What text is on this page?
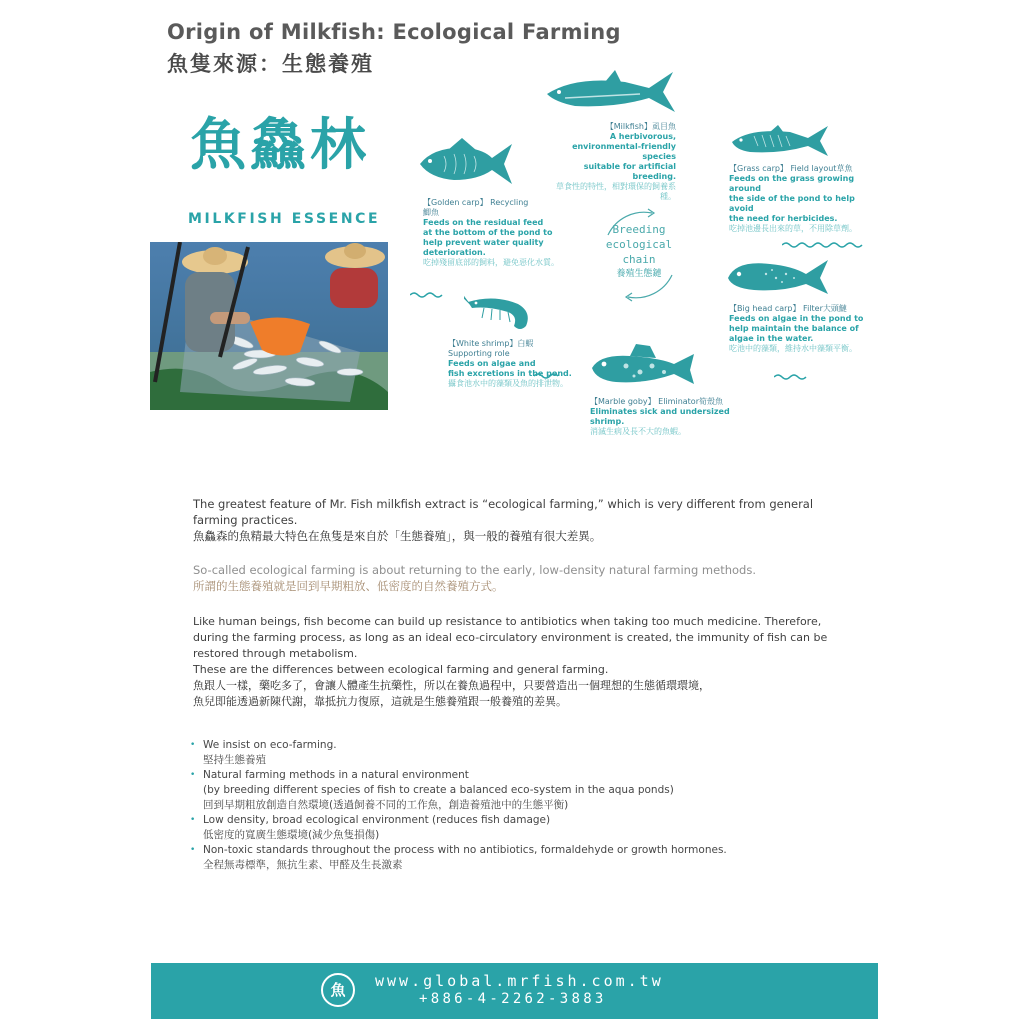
Origin of Milkfish: Ecological Farming
魚隻來源：生態養殖
魚鱻林
MILKFISH ESSENCE
Breeding
ecological
chain
養殖生態鏈
【Milkfish】虱目魚
A herbivorous,
environmental-friendly species
suitable for artificial breeding.
草食性的特性，相對環保的飼養系種。
【Grass carp】 Field layout草魚
Feeds on the grass growing around
the side of the pond to help avoid
the need for herbicides.
吃掉池邊長出來的草，不用除草劑。
【Golden carp】 Recycling
鯽魚
Feeds on the residual feed
at the bottom of the pond to
help prevent water quality
deterioration.
吃掉殘留底部的飼料，避免惡化水質。
【Big head carp】 Filter大頭鰱
Feeds on algae in the pond to
help maintain the balance of
algae in the water.
吃池中的藻類，維持水中藻類平衡。
【White shrimp】白蝦
Supporting role
Feeds on algae and
fish excretions in the pond.
攝食池水中的藻類及魚的排泄物。
【Marble goby】 Eliminator筍殼魚
Eliminates sick and undersized
shrimp.
消滅生病及長不大的魚蝦。
The greatest feature of Mr. Fish milkfish extract is “ecological farming,” which is very different from general farming practices.
魚鱻森的魚精最大特色在魚隻是來自於「生態養殖」，與一般的養殖有很大差異。
So-called ecological farming is about returning to the early, low-density natural farming methods.
所謂的生態養殖就是回到早期粗放、低密度的自然養殖方式。
Like human beings, fish become can build up resistance to antibiotics when taking too much medicine. Therefore, during the farming process, as long as an ideal eco-circulatory environment is created, the immunity of fish can be restored through metabolism.
These are the differences between ecological farming and general farming.
魚跟人一樣，藥吃多了，會讓人體產生抗藥性，所以在養魚過程中，只要營造出一個理想的生態循環環境，
魚兒即能透過新陳代謝，靠抵抗力復原，這就是生態養殖跟一般養殖的差異。
• We insist on eco-farming.
堅持生態養殖
• Natural farming methods in a natural environment
(by breeding different species of fish to create a balanced eco-system in the aqua ponds)
回到早期粗放創造自然環境(透過飼養不同的工作魚，創造養殖池中的生態平衡)
• Low density, broad ecological environment (reduces fish damage)
低密度的寬廣生態環境(減少魚隻損傷)
• Non-toxic standards throughout the process with no antibiotics, formaldehyde or growth hormones.
全程無毒標準，無抗生素、甲醛及生長激素
魚	www.global.mrfish.com.tw
+886-4-2262-3883
